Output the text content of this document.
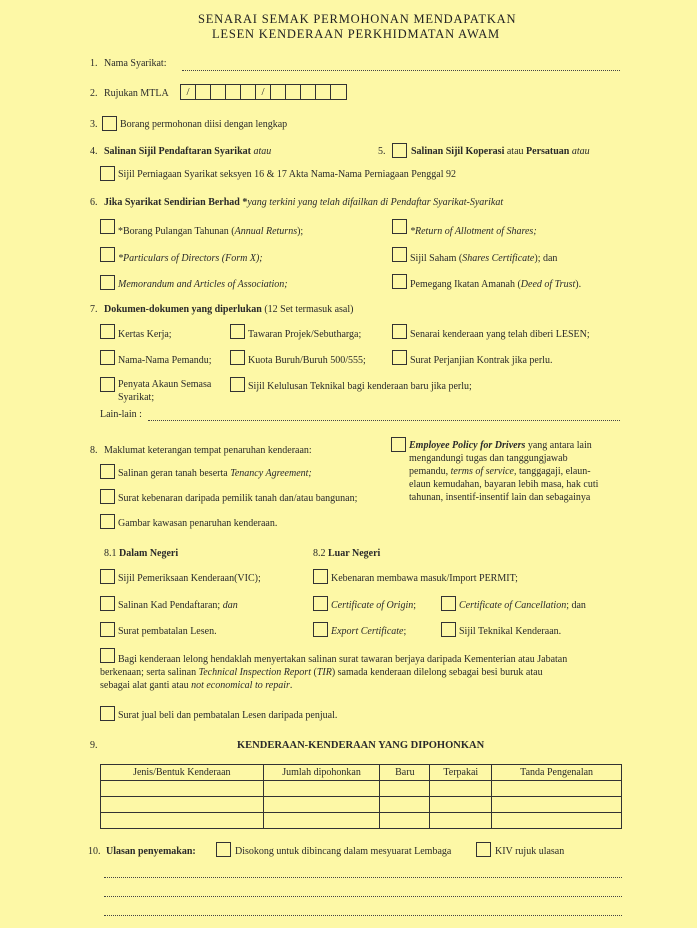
SENARAI SEMAK PERMOHONAN MENDAPATKAN
LESEN KENDERAAN PERKHIDMATAN AWAM
1. Nama Syarikat:
2. Rujukan MTLA	/	/
3. Borang permohonan diisi dengan lengkap
4. Salinan Sijil Pendaftaran Syarikat atau	5.	Salinan Sijil Koperasi atau Persatuan atau
Sijil Perniagaan Syarikat seksyen 16 & 17 Akta Nama-Nama Perniagaan Penggal 92
6. Jika Syarikat Sendirian Berhad *yang terkini yang telah difailkan di Pendaftar Syarikat-Syarikat
*Borang Pulangan Tahunan (Annual Returns);
*Particulars of Directors (Form X);
Memorandum and Articles of Association;
*Return of Allotment of Shares;
Sijil Saham (Shares Certificate); dan
Pemegang Ikatan Amanah (Deed of Trust).
7. Dokumen-dokumen yang diperlukan (12 Set termasuk asal)
Kertas Kerja;	Tawaran Projek/Sebutharga;	Senarai kenderaan yang telah diberi LESEN;
Nama-Nama Pemandu;	Kuota Buruh/Buruh 500/555;	Surat Perjanjian Kontrak jika perlu.
Penyata Akaun Semasa
Syarikat;
Sijil Kelulusan Teknikal bagi kenderaan baru jika perlu;
Lain-lain :
8. Maklumat keterangan tempat penaruhan kenderaan:
Salinan geran tanah beserta Tenancy Agreement;
Surat kebenaran daripada pemilik tanah dan/atau bangunan;
Gambar kawasan penaruhan kenderaan.
Employee Policy for Drivers yang antara lain
mengandungi tugas dan tanggungjawab
pemandu, terms of service, tanggagaji, elaun-
elaun kemudahan, bayaran lebih masa, hak cuti
tahunan, insentif-insentif lain dan sebagainya
8.1 Dalam Negeri	8.2 Luar Negeri
Sijil Pemeriksaan Kenderaan(VIC);
Salinan Kad Pendaftaran; dan
Surat pembatalan Lesen.
Kebenaran membawa masuk/Import PERMIT;
Certificate of Origin;	Certificate of Cancellation; dan
Export Certificate;	Sijil Teknikal Kenderaan.
Bagi kenderaan lelong hendaklah menyertakan salinan surat tawaran berjaya daripada Kementerian atau Jabatan
berkenaan; serta salinan Technical Inspection Report (TIR) samada kenderaan dilelong sebagai besi buruk atau
sebagai alat ganti atau not economical to repair.
Surat jual beli dan pembatalan Lesen daripada penjual.
9.	KENDERAAN-KENDERAAN YANG DIPOHONKAN
Jenis/Bentuk Kenderaan	Jumlah dipohonkan	Baru	Terpakai	Tanda Pengenalan

10. Ulasan penyemakan:	Disokong untuk dibincang dalam mesyuarat Lembaga	KIV rujuk ulasan
